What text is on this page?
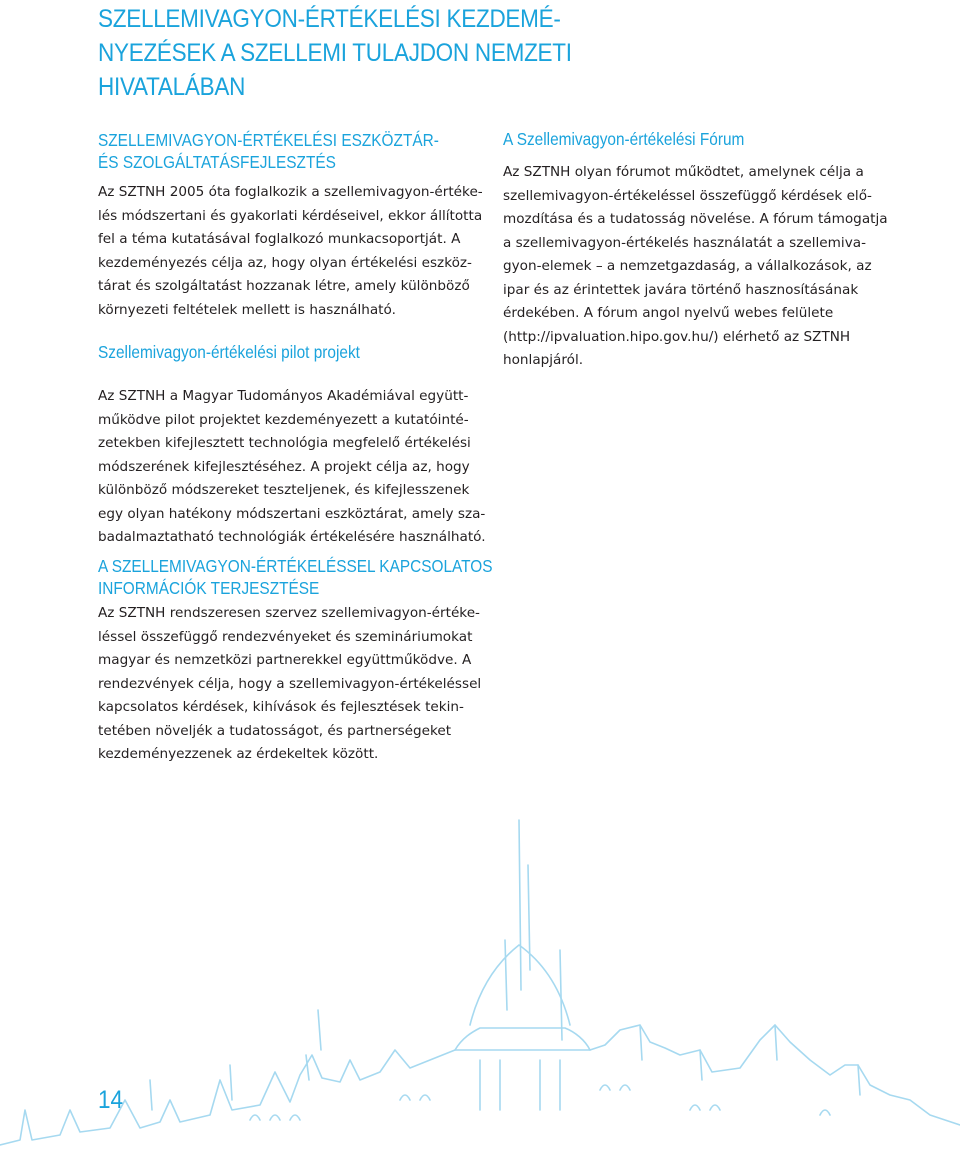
SZELLEMIVAGYON-ÉRTÉKELÉSI KEZDEMÉ-
NYEZÉSEK A SZELLEMI TULAJDON NEMZETI
HIVATALÁBAN
SZELLEMIVAGYON-ÉRTÉKELÉSI ESZKÖZTÁR-
ÉS SZOLGÁLTATÁSFEJLESZTÉS

Az SZTNH 2005 óta foglalkozik a szellemivagyon-értéke-
lés módszertani és gyakorlati kérdéseivel, ekkor állította
fel a téma kutatásával foglalkozó munkacsoportját. A
kezdeményezés célja az, hogy olyan értékelési eszköz-
tárat és szolgáltatást hozzanak létre, amely különböző
környezeti feltételek mellett is használható.

Szellemivagyon-értékelési pilot projekt

Az SZTNH a Magyar Tudományos Akadémiával együtt-
működve pilot projektet kezdeményezett a kutatóinté-
zetekben kifejlesztett technológia megfelelő értékelési
módszerének kifejlesztéséhez. A projekt célja az, hogy
különböző módszereket teszteljenek, és kifejlesszenek
egy olyan hatékony módszertani eszköztárat, amely sza-
badalmaztatható technológiák értékelésére használható.

A Szellemivagyon-értékelési Fórum

Az SZTNH olyan fórumot működtet, amelynek célja a
szellemivagyon-értékeléssel összefüggő kérdések elő-
mozdítása és a tudatosság növelése. A fórum támogatja
a szellemivagyon-értékelés használatát a szellemiva-
gyon-elemek – a nemzetgazdaság, a vállalkozások, az
ipar és az érintettek javára történő hasznosításának
érdekében. A fórum angol nyelvű webes felülete
(http://ipvaluation.hipo.gov.hu/) elérhető az SZTNH
honlapjáról.

A SZELLEMIVAGYON-ÉRTÉKELÉSSEL KAPCSOLATOS
INFORMÁCIÓK TERJESZTÉSE

Az SZTNH rendszeresen szervez szellemivagyon-értéke-
léssel összefüggő rendezvényeket és szemináriumokat
magyar és nemzetközi partnerekkel együttműködve. A
rendezvények célja, hogy a szellemivagyon-értékeléssel
kapcsolatos kérdések, kihívások és fejlesztések tekin-
tetében növeljék a tudatosságot, és partnerségeket
kezdeményezzenek az érdekeltek között.

14
